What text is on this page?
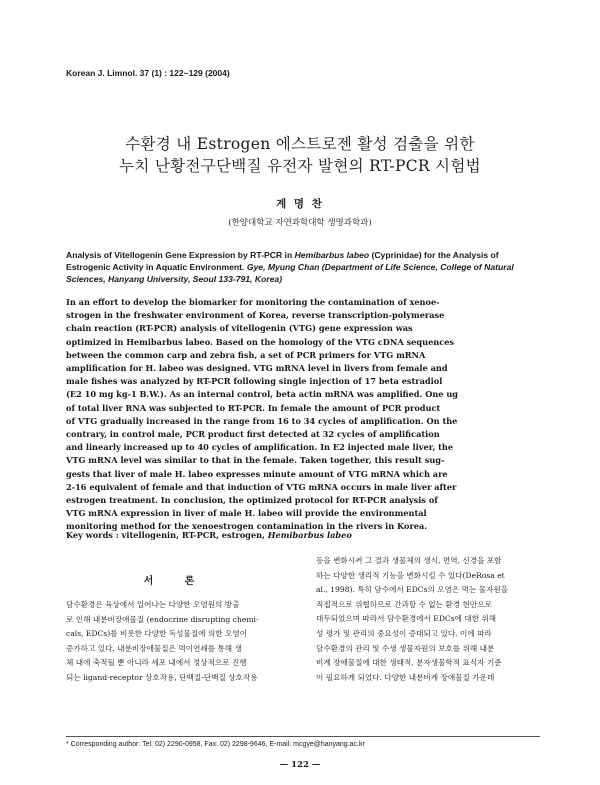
Korean J. Limnol. 37 (1) : 122~129 (2004)
수환경 내 Estrogen 에스트로젠 활성 검출을 위한
누치 난황전구단백질 유전자 발현의 RT-PCR 시험법
계 명 찬
(한양대학교 자연과학대학 생명과학과)
Analysis of Vitellogenin Gene Expression by RT-PCR in Hemibarbus labeo (Cyprinidae) for the Analysis of Estrogenic Activity in Aquatic Environment. Gye, Myung Chan (Department of Life Science, College of Natural Sciences, Hanyang University, Seoul 133-791, Korea)
In an effort to develop the biomarker for monitoring the contamination of xenoe-
strogen in the freshwater environment of Korea, reverse transcription-polymerase
chain reaction (RT-PCR) analysis of vitellogenin (VTG) gene expression was
optimized in Hemibarbus labeo. Based on the homology of the VTG cDNA sequences
between the common carp and zebra fish, a set of PCR primers for VTG mRNA
amplification for H. labeo was designed. VTG mRNA level in livers from female and
male fishes was analyzed by RT-PCR following single injection of 17 beta estradiol
(E2 10 mg kg-1 B.W.). As an internal control, beta actin mRNA was amplified. One ug
of total liver RNA was subjected to RT-PCR. In female the amount of PCR product
of VTG gradually increased in the range from 16 to 34 cycles of amplification. On the
contrary, in control male, PCR product first detected at 32 cycles of amplification
and linearly increased up to 40 cycles of amplification. In E2 injected male liver, the
VTG mRNA level was similar to that in the female. Taken together, this result sug-
gests that liver of male H. labeo expresses minute amount of VTG mRNA which are
2-16 equivalent of female and that induction of VTG mRNA occurs in male liver after
estrogen treatment. In conclusion, the optimized protocol for RT-PCR analysis of
VTG mRNA expression in liver of male H. labeo will provide the environmental
monitoring method for the xenoestrogen contamination in the rivers in Korea.
Key words : vitellogenin, RT-PCR, estrogen, Hemibarbus labeo
서 론
담수환경은 육상에서 일어나는 다양한 오염원의 방출
로 인해 내분비장애물질 (endocrine disrupting chemi-
cals, EDCs)를 비롯한 다양한 독성물질에 의한 오염이
증가하고 있다. 내분비장애물질은 먹이연쇄를 통해 생
체 내에 축적될 뿐 아니라 세포 내에서 정상적으로 진행
되는 ligand-receptor 상호작용, 단백질-단백질 상호작용
등을 변화시켜 그 결과 생물체의 생식, 면역, 신경을 포함
하는 다양한 생리적 기능을 변화시킬 수 있다(DeRosa et
al., 1998). 특히 담수에서 EDCs의 오염은 먹는 물자원을
직접적으로 위협하므로 간과할 수 없는 환경 현안으로
대두되었으며 따라서 담수환경에서 EDCs에 대한 위해
성 평가 및 관리의 중요성이 증대되고 있다. 이에 따라
담수환경의 관리 및 수생 생물자원의 보호를 위해 내분
비계 장애물질에 대한 생태적, 분자생물학적 표식자 기준
이 필요하게 되었다. 다양한 내분비계 장애물질 가운데
* Corresponding author: Tel: 02) 2290-0958, Fax: 02) 2298-9646, E-mail: mcgye@hanyang.ac.kr
— 122 —
